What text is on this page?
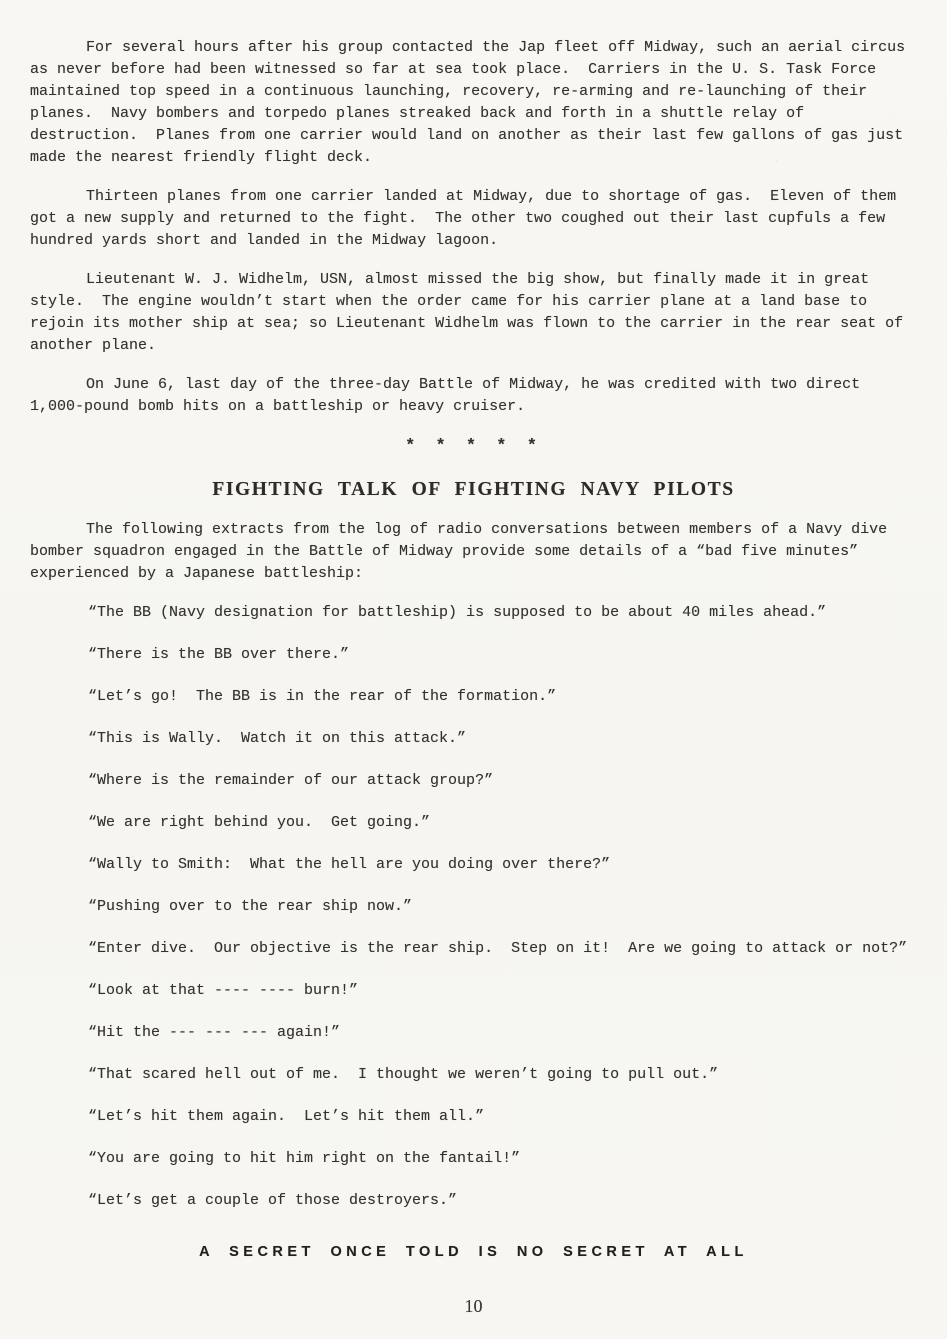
For several hours after his group contacted the Jap fleet off Midway, such an aerial circus as never before had been witnessed so far at sea took place.  Carriers in the U. S. Task Force maintained top speed in a continuous launching, recovery, re-arming and re-launching of their planes.  Navy bombers and torpedo planes streaked back and forth in a shuttle relay of destruction.  Planes from one carrier would land on another as their last few gallons of gas just made the nearest friendly flight deck.

Thirteen planes from one carrier landed at Midway, due to shortage of gas.  Eleven of them got a new supply and returned to the fight.  The other two coughed out their last cupfuls a few hundred yards short and landed in the Midway lagoon.

Lieutenant W. J. Widhelm, USN, almost missed the big show, but finally made it in great style.  The engine wouldn’t start when the order came for his carrier plane at a land base to rejoin its mother ship at sea; so Lieutenant Widhelm was flown to the carrier in the rear seat of another plane.

On June 6, last day of the three-day Battle of Midway, he was credited with two direct 1,000-pound bomb hits on a battleship or heavy cruiser.

* * * * *
FIGHTING TALK OF FIGHTING NAVY PILOTS

The following extracts from the log of radio conversations between members of a Navy dive bomber squadron engaged in the Battle of Midway provide some details of a “bad five minutes” experienced by a Japanese battleship:

“The BB (Navy designation for battleship) is supposed to be about 40 miles ahead.”

“There is the BB over there.”

“Let’s go!  The BB is in the rear of the formation.”

“This is Wally.  Watch it on this attack.”

“Where is the remainder of our attack group?”

“We are right behind you.  Get going.”

“Wally to Smith:  What the hell are you doing over there?”

“Pushing over to the rear ship now.”

“Enter dive.  Our objective is the rear ship.  Step on it!  Are we going to attack or not?”

“Look at that ---- ---- burn!”

“Hit the --- --- --- again!”

“That scared hell out of me.  I thought we weren’t going to pull out.”

“Let’s hit them again.  Let’s hit them all.”

“You are going to hit him right on the fantail!”

“Let’s get a couple of those destroyers.”

A SECRET ONCE TOLD IS NO SECRET AT ALL
10
